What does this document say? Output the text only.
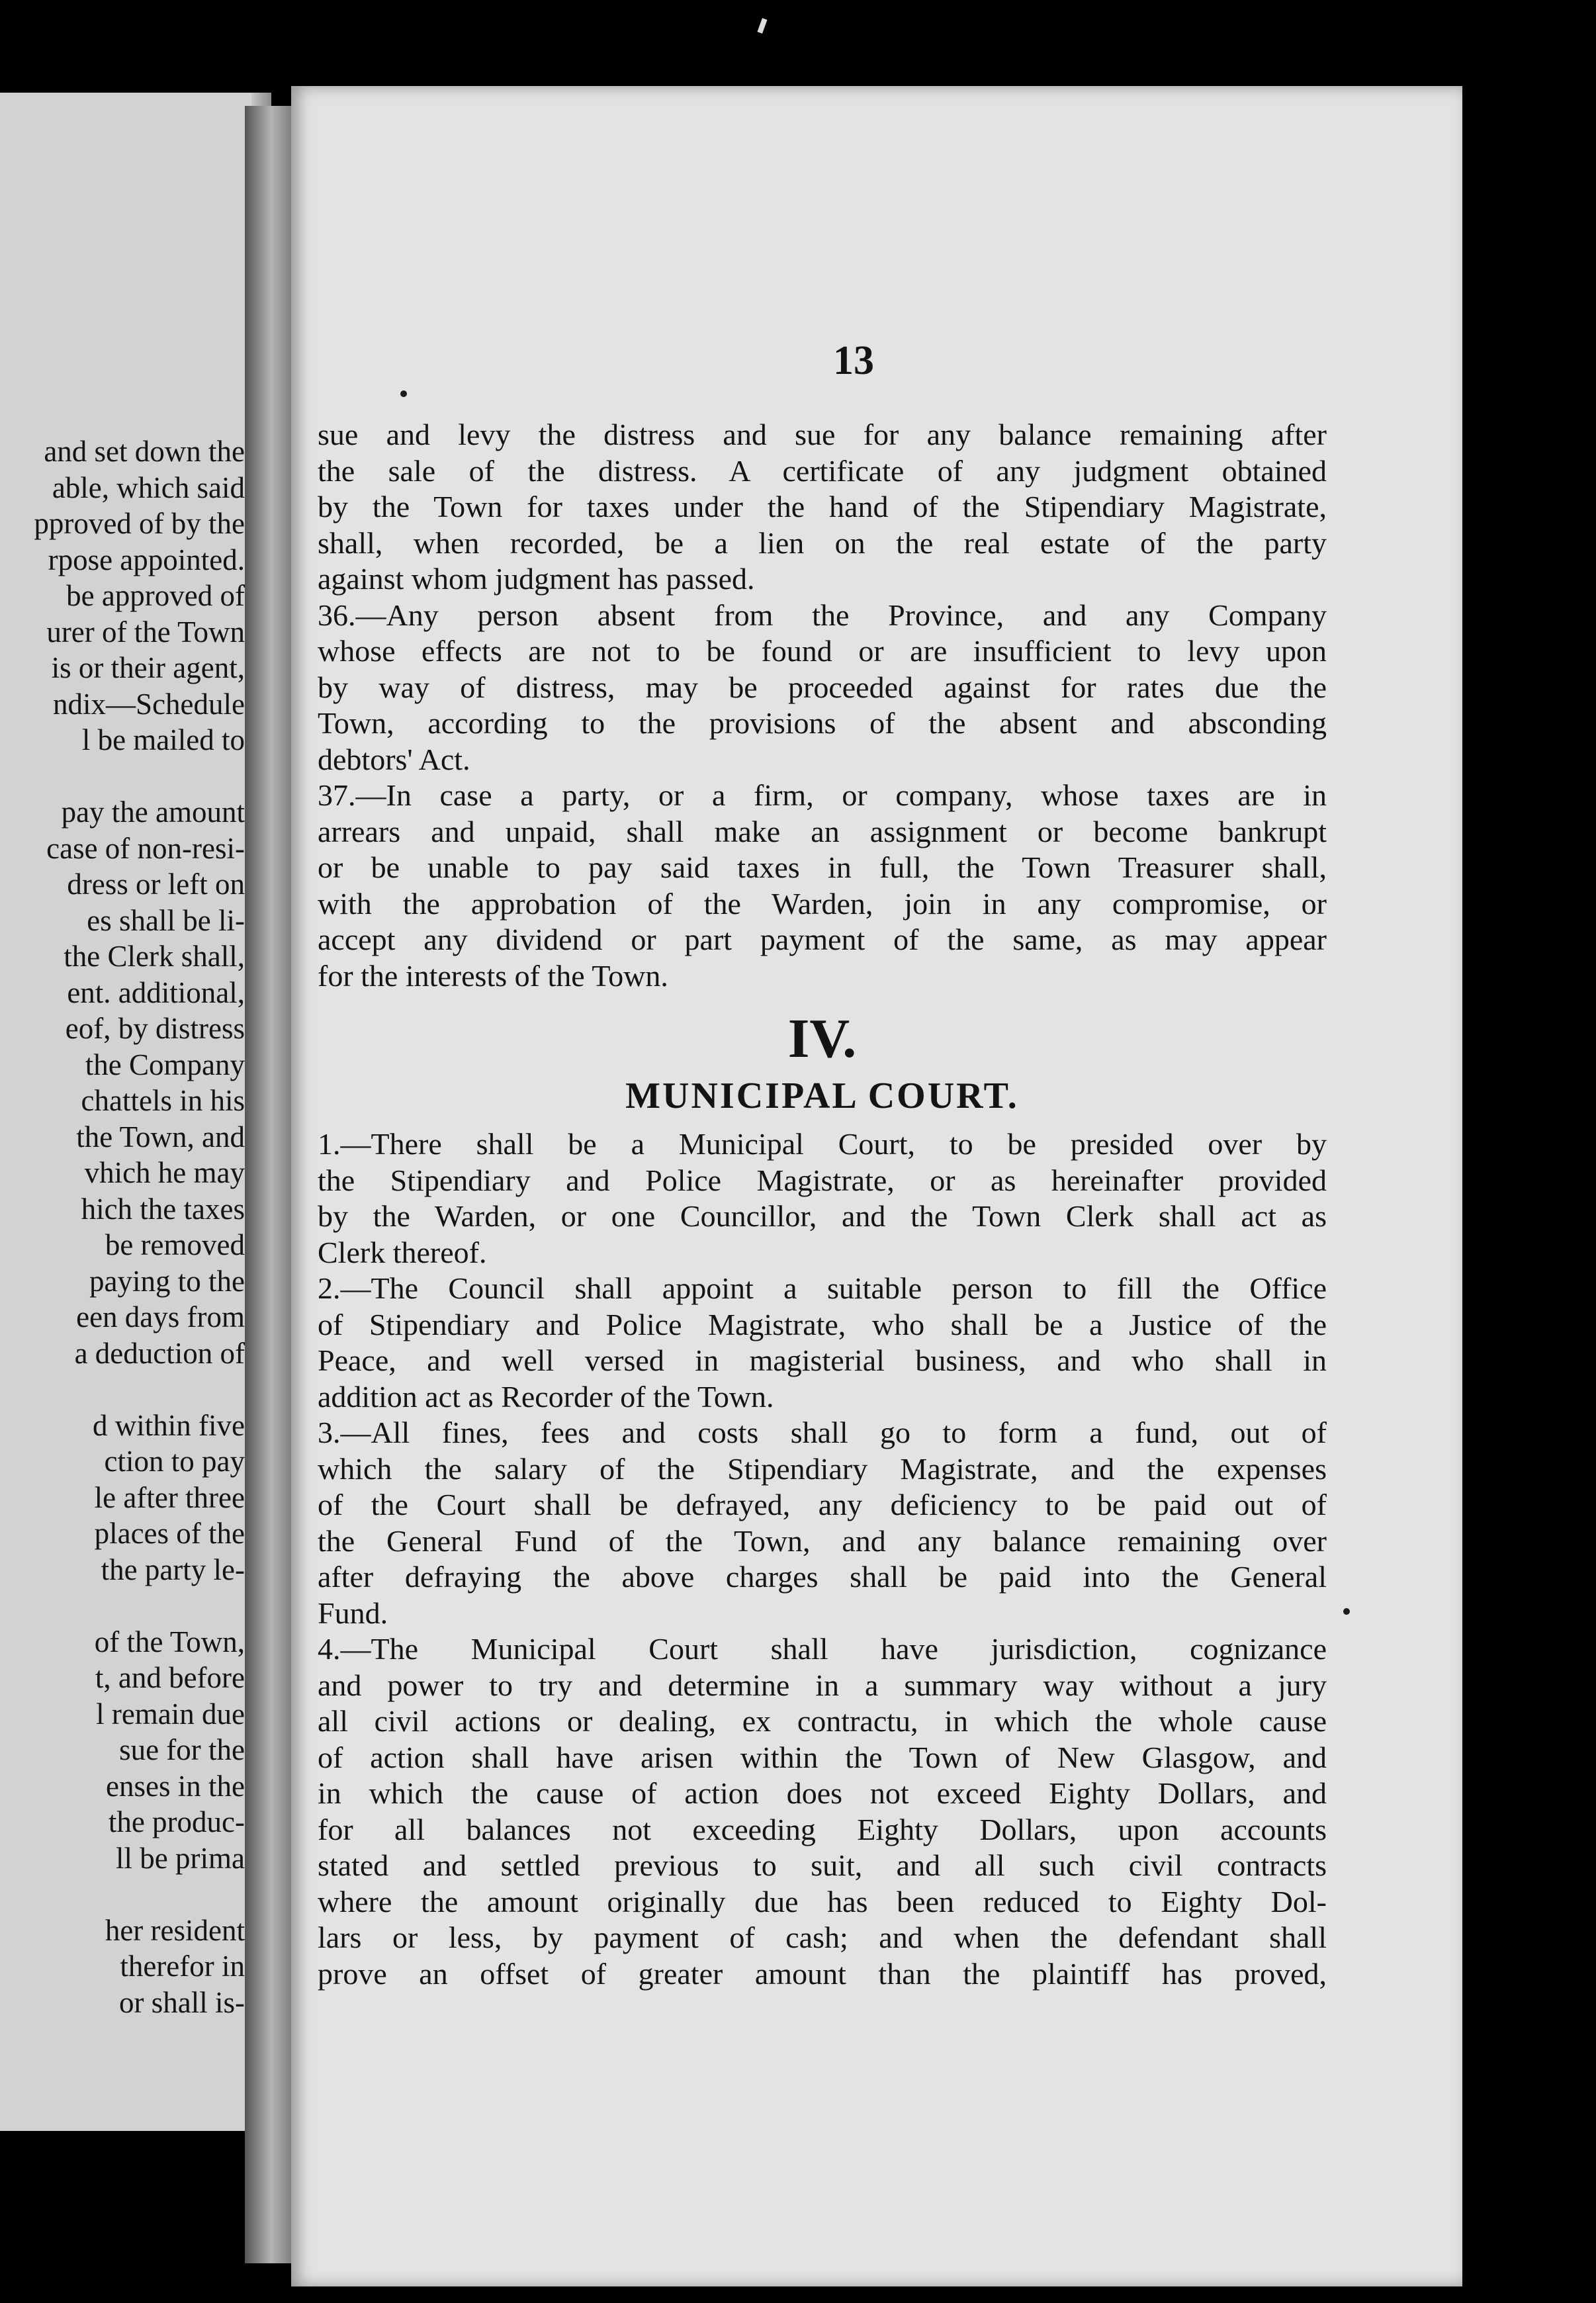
and set down the
able, which said
pproved of by the
rpose appointed.
be approved of
urer of the Town
is or their agent,
ndix—Schedule
l be mailed to
pay the amount
case of non-resi-
dress or left on
es shall be li-
the Clerk shall,
ent. additional,
eof, by distress
the Company
chattels in his
the Town, and
vhich he may
hich the taxes
be removed
paying to the
een days from
a deduction of
d within five
ction to pay
le after three
places of the
the party le-
of the Town,
t, and before
l remain due
sue for the
enses in the
the produc-
ll be prima
her resident
therefor in
or shall is-
13
sue and levy the distress and sue for any balance remaining after
the sale of the distress. A certificate of any judgment obtained
by the Town for taxes under the hand of the Stipendiary Magistrate,
shall, when recorded, be a lien on the real estate of the party
against whom judgment has passed.
36.—Any person absent from the Province, and any Company
whose effects are not to be found or are insufficient to levy upon
by way of distress, may be proceeded against for rates due the
Town, according to the provisions of the absent and absconding
debtors' Act.
37.—In case a party, or a firm, or company, whose taxes are in
arrears and unpaid, shall make an assignment or become bankrupt
or be unable to pay said taxes in full, the Town Treasurer shall,
with the approbation of the Warden, join in any compromise, or
accept any dividend or part payment of the same, as may appear
for the interests of the Town.
IV.
MUNICIPAL COURT.
1.—There shall be a Municipal Court, to be presided over by
the Stipendiary and Police Magistrate, or as hereinafter provided
by the Warden, or one Councillor, and the Town Clerk shall act as
Clerk thereof.
2.—The Council shall appoint a suitable person to fill the Office
of Stipendiary and Police Magistrate, who shall be a Justice of the
Peace, and well versed in magisterial business, and who shall in
addition act as Recorder of the Town.
3.—All fines, fees and costs shall go to form a fund, out of
which the salary of the Stipendiary Magistrate, and the expenses
of the Court shall be defrayed, any deficiency to be paid out of
the General Fund of the Town, and any balance remaining over
after defraying the above charges shall be paid into the General
Fund.
4.—The Municipal Court shall have jurisdiction, cognizance
and power to try and determine in a summary way without a jury
all civil actions or dealing, ex contractu, in which the whole cause
of action shall have arisen within the Town of New Glasgow, and
in which the cause of action does not exceed Eighty Dollars, and
for all balances not exceeding Eighty Dollars, upon accounts
stated and settled previous to suit, and all such civil contracts
where the amount originally due has been reduced to Eighty Dol-
lars or less, by payment of cash; and when the defendant shall
prove an offset of greater amount than the plaintiff has proved,
